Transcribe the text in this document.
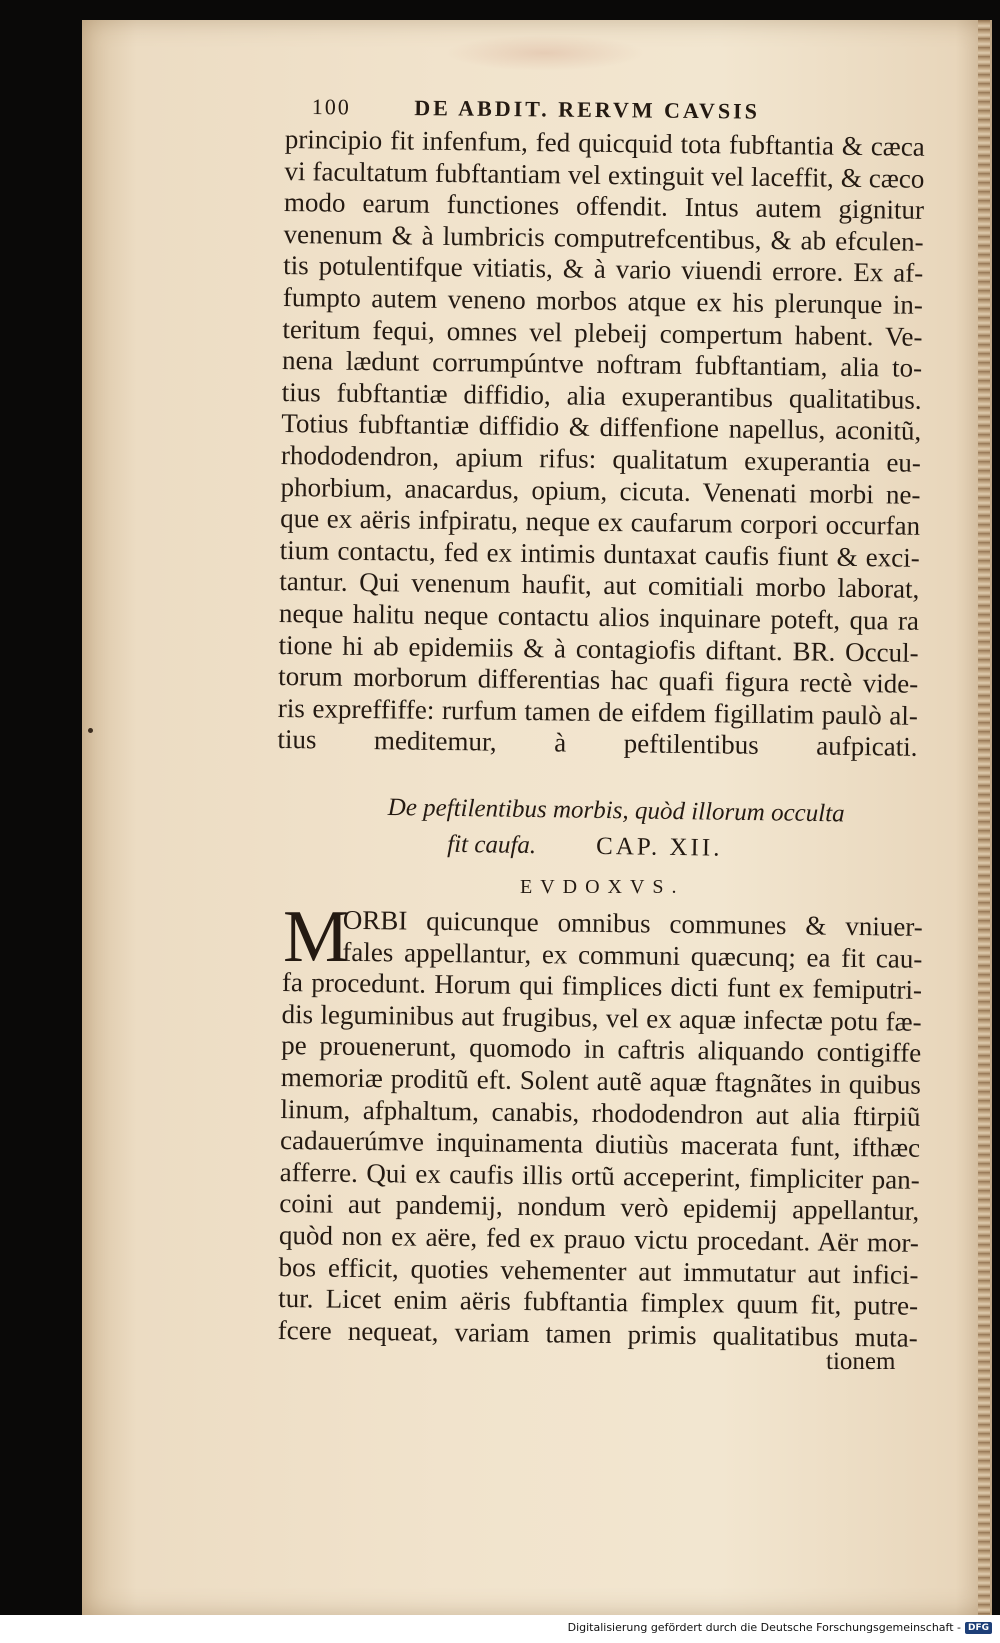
100	DE ABDIT. RERVM CAVSIS
principio fit infenfum, fed quicquid tota fubftantia & cæca
vi facultatum fubftantiam vel extinguit vel laceffit, & cæco
modo earum functiones offendit. Intus autem gignitur
venenum & à lumbricis computrefcentibus, & ab efculen-
tis potulentifque vitiatis, & à vario viuendi errore. Ex af-
fumpto autem veneno morbos atque ex his plerunque in-
teritum fequi, omnes vel plebeij compertum habent. Ve-
nena lædunt corrumpúntve noftram fubftantiam, alia to-
tius fubftantiæ diffidio, alia exuperantibus qualitatibus.
Totius fubftantiæ diffidio & diffenfione napellus, aconitũ,
rhododendron, apium rifus: qualitatum exuperantia eu-
phorbium, anacardus, opium, cicuta. Venenati morbi ne-
que ex aëris infpiratu, neque ex caufarum corpori occurfan
tium contactu, fed ex intimis duntaxat caufis fiunt & exci-
tantur. Qui venenum haufit, aut comitiali morbo laborat,
neque halitu neque contactu alios inquinare poteft, qua ra
tione hi ab epidemiis & à contagiofis diftant. BR. Occul-
torum morborum differentias hac quafi figura rectè vide-
ris expreffiffe: rurfum tamen de eifdem figillatim paulò al-
tius meditemur, à peftilentibus aufpicati.
De peftilentibus morbis, quòd illorum occulta
fit caufa. CAP. XII.
EVDOXVS.
M
ORBI quicunque omnibus communes & vniuer-
fales appellantur, ex communi quæcunq; ea fit cau-
fa procedunt. Horum qui fimplices dicti funt ex femiputri-
dis leguminibus aut frugibus, vel ex aquæ infectæ potu fæ-
pe prouenerunt, quomodo in caftris aliquando contigiffe
memoriæ proditũ eft. Solent autẽ aquæ ftagnãtes in quibus
linum, afphaltum, canabis, rhododendron aut alia ftirpiũ
cadauerúmve inquinamenta diutiùs macerata funt, ifthæc
afferre. Qui ex caufis illis ortũ acceperint, fimpliciter pan-
coini aut pandemij, nondum verò epidemij appellantur,
quòd non ex aëre, fed ex prauo victu procedant. Aër mor-
bos efficit, quoties vehementer aut immutatur aut infici-
tur. Licet enim aëris fubftantia fimplex quum fit, putre-
fcere nequeat, variam tamen primis qualitatibus muta-
tionem
Digitalisierung gefördert durch die Deutsche Forschungsgemeinschaft - DFG
